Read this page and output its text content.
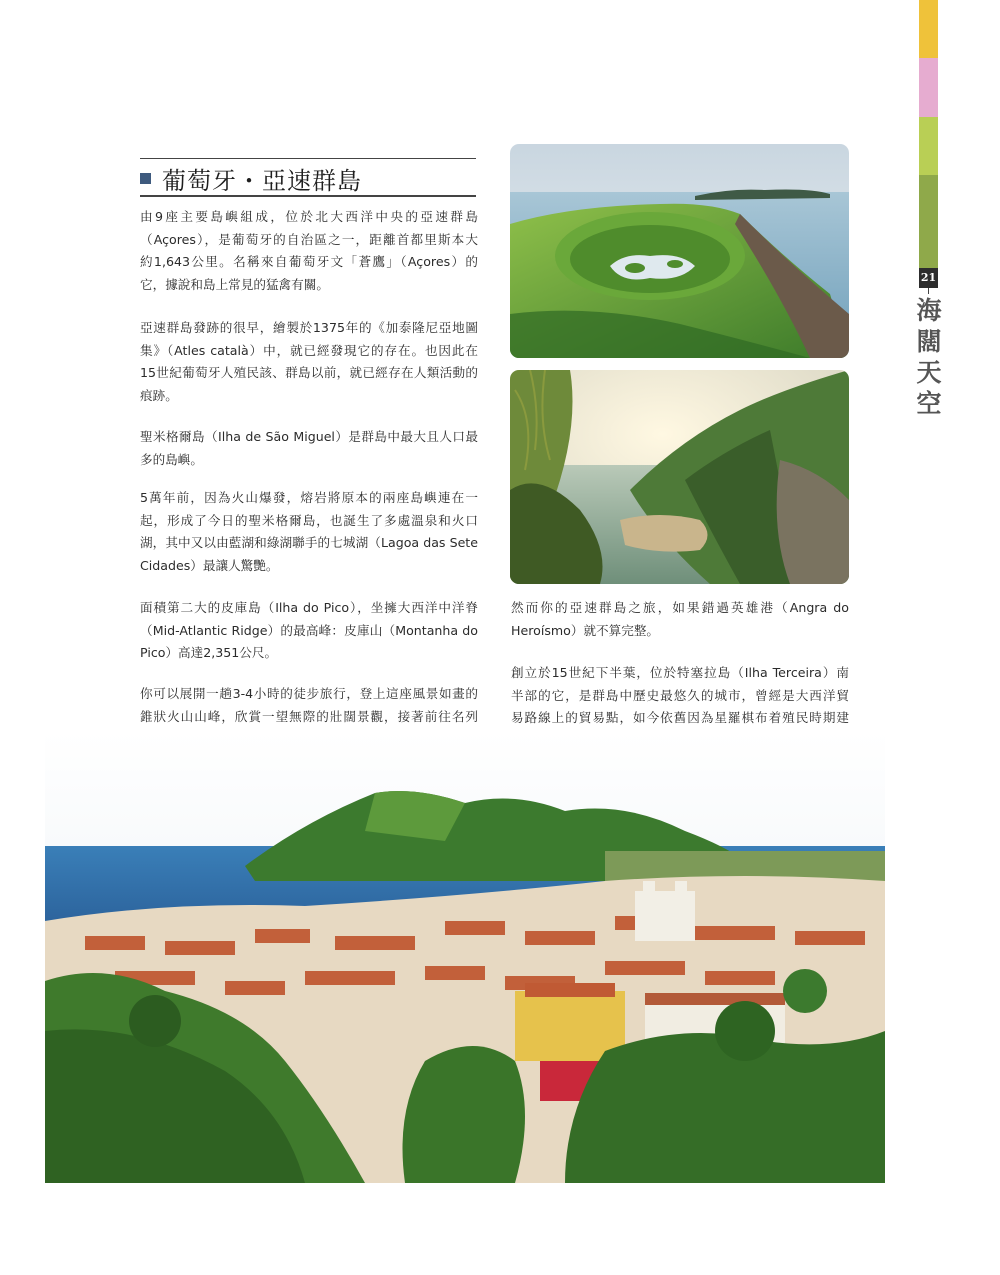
21
海闊天空
葡萄牙・亞速群島
由9座主要島嶼組成，位於北大西洋中央的亞速群島
（Açores），是葡萄牙的自治區之一，距離首都里斯本大
約1,643公里。名稱來自葡萄牙文「蒼鷹」（Açores）的
它，據說和島上常見的猛禽有關。
亞速群島發跡的很早，繪製於1375年的《加泰隆尼亞地圖
集》（Atles català）中，就已經發現它的存在。也因此在
15世紀葡萄牙人殖民該、群島以前，就已經存在人類活動的
痕跡。
聖米格爾島（Ilha de São Miguel）是群島中最大且人口最
多的島嶼。
5萬年前，因為火山爆發，熔岩將原本的兩座島嶼連在一
起，形成了今日的聖米格爾島，也誕生了多處溫泉和火口
湖，其中又以由藍湖和綠湖聯手的七城湖（Lagoa das Sete
Cidades）最讓人驚艷。
面積第二大的皮庫島（Ilha do Pico），坐擁大西洋中洋脊
（Mid-Atlantic Ridge）的最高峰：皮庫山（Montanha do
Pico）高達2,351公尺。
你可以展開一趟3-4小時的徒步旅行，登上這座風景如畫的
錐狀火山山峰，欣賞一望無際的壯闊景觀，接著前往名列
然而你的亞速群島之旅，如果錯過英雄港（Angra do
Heroísmo）就不算完整。
創立於15世紀下半葉，位於特塞拉島（Ilha Terceira）南
半部的它，是群島中歷史最悠久的城市，曾經是大西洋貿
易路線上的貿易點，如今依舊因為星羅棋布着殖民時期建
